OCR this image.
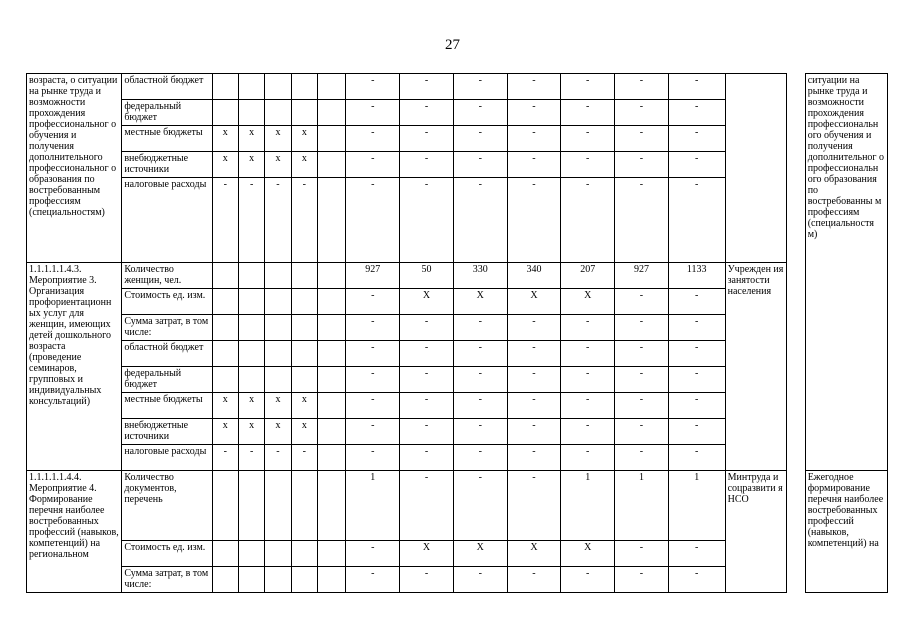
27
возраста, о ситуации на рынке труда и возможности прохождения профессиональног о обучения и получения дополнительного профессиональног о образования по востребованным профессиям (специальностям)	областной бюджет						-	-	-	-	-	-	-			ситуации на рынке труда и возможности прохождения профессиональн ого обучения и получения дополнительног о профессиональн ого образования по востребованны м профессиям (специальностя м)
	федеральный бюджет						-	-	-	-	-	-	-			
	местные бюджеты	x	x	x	x		-	-	-	-	-	-	-			
	внебюджетные источники	x	x	x	x		-	-	-	-	-	-	-			
	налоговые расходы	-	-	-	-		-	-	-	-	-	-	-			
1.1.1.1.1.4.3. Мероприятие 3. Организация профориентационн ых услуг для женщин, имеющих детей дошкольного возраста (проведение семинаров, групповых и индивидуальных консультаций)	Количество женщин, чел.						927	50	330	340	207	927	1133	Учрежден ия занятости населения		
	Стоимость ед. изм.						-	X	X	X	X	-	-			
	Сумма затрат, в том числе:						-	-	-	-	-	-	-			
	областной бюджет						-	-	-	-	-	-	-			
	федеральный бюджет						-	-	-	-	-	-	-			
	местные бюджеты	x	x	x	x		-	-	-	-	-	-	-			
	внебюджетные источники	x	x	x	x		-	-	-	-	-	-	-			
	налоговые расходы	-	-	-	-		-	-	-	-	-	-	-			
1.1.1.1.1.4.4. Мероприятие 4. Формирование перечня наиболее востребованных профессий (навыков, компетенций) на региональном	Количество документов, перечень						1	-	-	-	1	1	1	Минтруда и соцразвити я НСО		Ежегодное формирование перечня наиболее востребованных профессий (навыков, компетенций) на
	Стоимость ед. изм.						-	X	X	X	X	-	-			
	Сумма затрат, в том числе:						-	-	-	-	-	-	-			
